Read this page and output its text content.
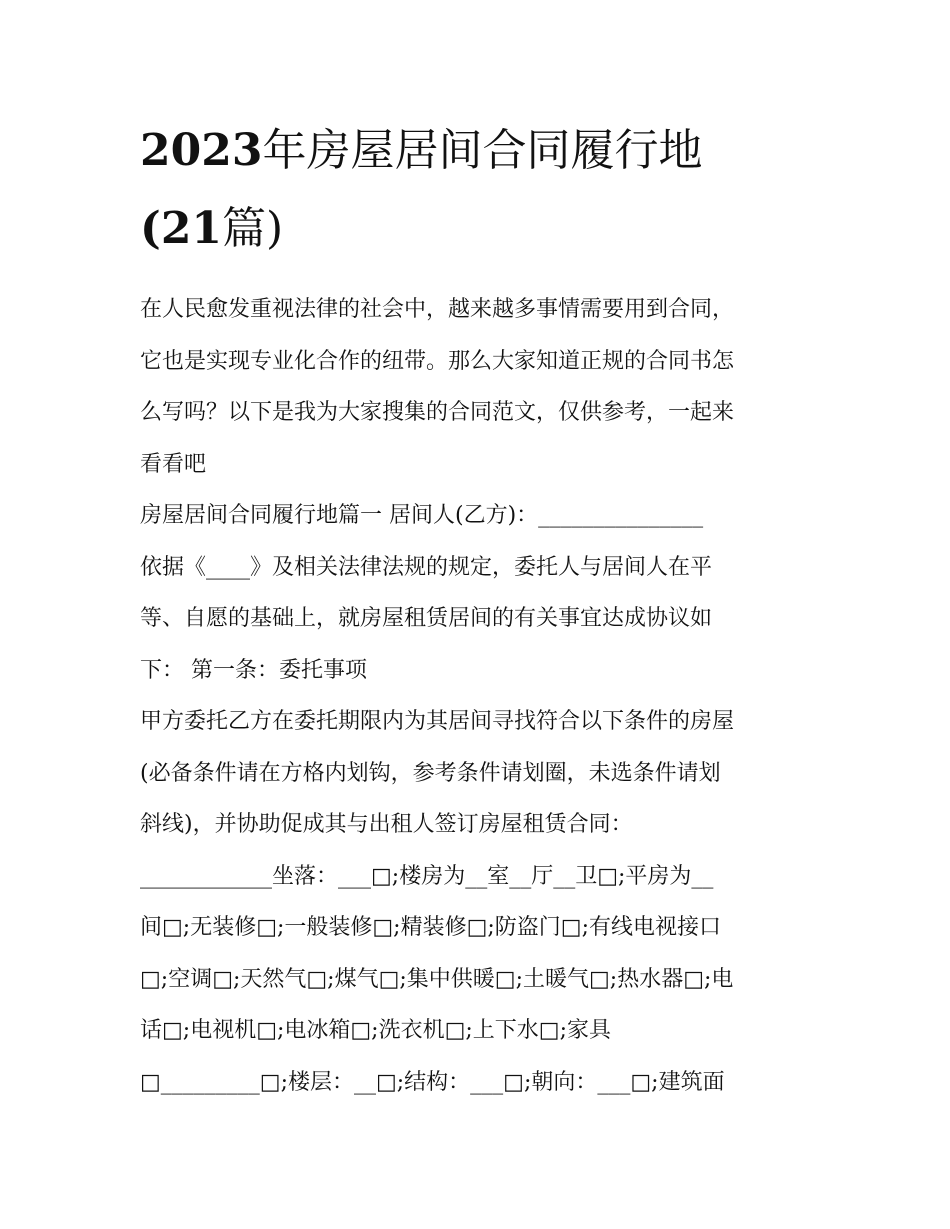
2023年房屋居间合同履行地
(21篇)
在人民愈发重视法律的社会中，越来越多事情需要用到合同，
它也是实现专业化合作的纽带。那么大家知道正规的合同书怎
么写吗？以下是我为大家搜集的合同范文，仅供参考，一起来
看看吧
房屋居间合同履行地篇一 居间人(乙方)：_______________
依据《____》及相关法律法规的规定，委托人与居间人在平
等、自愿的基础上，就房屋租赁居间的有关事宜达成协议如
下： 第一条：委托事项
甲方委托乙方在委托期限内为其居间寻找符合以下条件的房屋
(必备条件请在方格内划钩，参考条件请划圈，未选条件请划
斜线)，并协助促成其与出租人签订房屋租赁合同：
____________坐落：___□;楼房为__室__厅__卫□;平房为__
间□;无装修□;一般装修□;精装修□;防盗门□;有线电视接口
□;空调□;天然气□;煤气□;集中供暖□;土暖气□;热水器□;电
话□;电视机□;电冰箱□;洗衣机□;上下水□;家具
□_________□;楼层：__□;结构：___□;朝向：___□;建筑面
